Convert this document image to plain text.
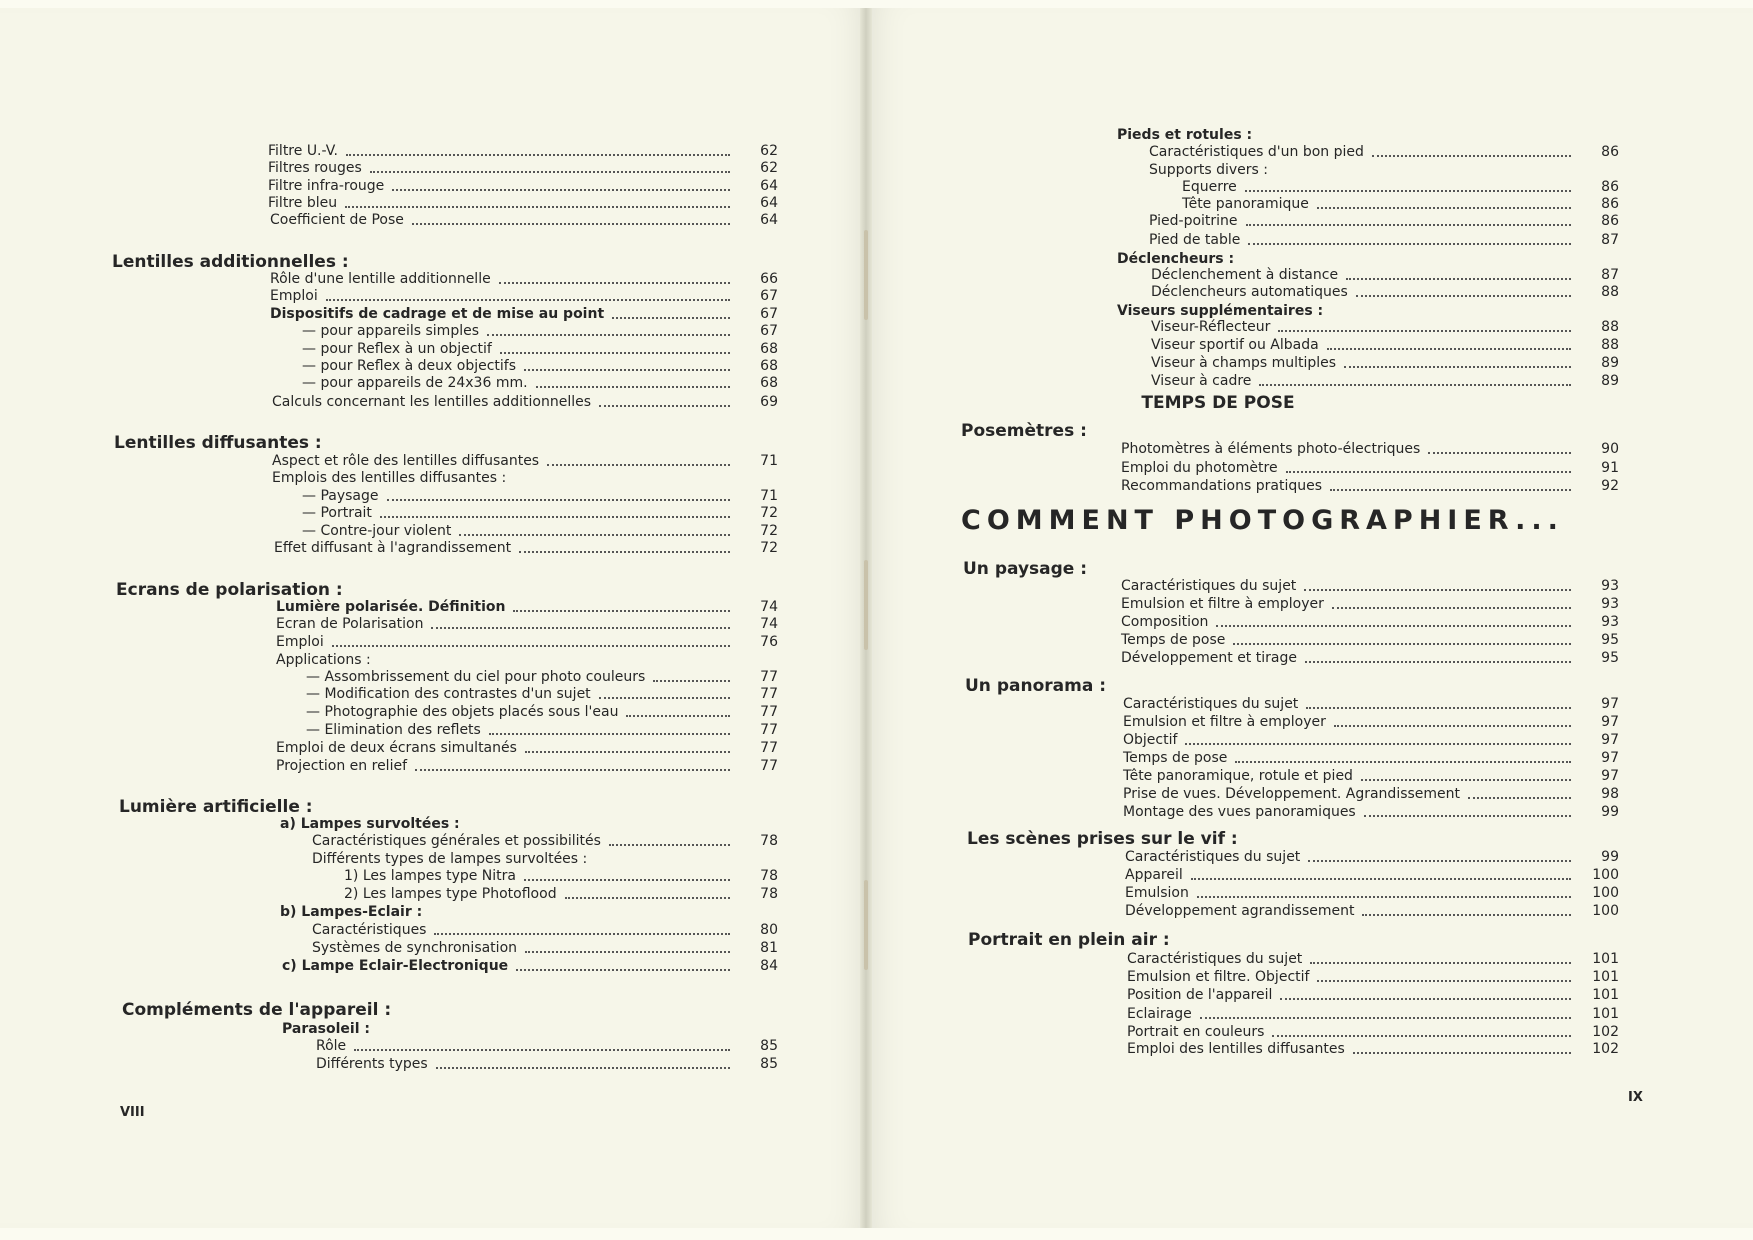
Filtre U.-V.	62
Filtres rouges	62
Filtre infra-rouge	64
Filtre bleu	64
Coefficient de Pose	64
Lentilles additionnelles :
Rôle d'une lentille additionnelle	66
Emploi	67
Dispositifs de cadrage et de mise au point	67
— pour appareils simples	67
— pour Reflex à un objectif	68
— pour Reflex à deux objectifs	68
— pour appareils de 24x36 mm.	68
Calculs concernant les lentilles additionnelles	69
Lentilles diffusantes :
Aspect et rôle des lentilles diffusantes	71
Emplois des lentilles diffusantes :
— Paysage	71
— Portrait	72
— Contre-jour violent	72
Effet diffusant à l'agrandissement	72
Ecrans de polarisation :
Lumière polarisée. Définition	74
Ecran de Polarisation	74
Emploi	76
Applications :
— Assombrissement du ciel pour photo couleurs	77
— Modification des contrastes d'un sujet	77
— Photographie des objets placés sous l'eau	77
— Elimination des reflets	77
Emploi de deux écrans simultanés	77
Projection en relief	77
Lumière artificielle :
a) Lampes survoltées :
Caractéristiques générales et possibilités	78
Différents types de lampes survoltées :
1) Les lampes type Nitra	78
2) Les lampes type Photoflood	78
b) Lampes-Eclair :
Caractéristiques	80
Systèmes de synchronisation	81
c) Lampe Eclair-Electronique	84
Compléments de l'appareil :
Parasoleil :
Rôle	85
Différents types	85
VIII
Pieds et rotules :
Caractéristiques d'un bon pied	86
Supports divers :
Equerre	86
Tête panoramique	86
Pied-poitrine	86
Pied de table	87
Déclencheurs :
Déclenchement à distance	87
Déclencheurs automatiques	88
Viseurs supplémentaires :
Viseur-Réflecteur	88
Viseur sportif ou Albada	88
Viseur à champs multiples	89
Viseur à cadre	89
TEMPS DE POSE
Posemètres :
Photomètres à éléments photo-électriques	90
Emploi du photomètre	91
Recommandations pratiques	92
COMMENT PHOTOGRAPHIER...
Un paysage :
Caractéristiques du sujet	93
Emulsion et filtre à employer	93
Composition	93
Temps de pose	95
Développement et tirage	95
Un panorama :
Caractéristiques du sujet	97
Emulsion et filtre à employer	97
Objectif	97
Temps de pose	97
Tête panoramique, rotule et pied	97
Prise de vues. Développement. Agrandissement	98
Montage des vues panoramiques	99
Les scènes prises sur le vif :
Caractéristiques du sujet	99
Appareil	100
Emulsion	100
Développement agrandissement	100
Portrait en plein air :
Caractéristiques du sujet	101
Emulsion et filtre. Objectif	101
Position de l'appareil	101
Eclairage	101
Portrait en couleurs	102
Emploi des lentilles diffusantes	102
IX
